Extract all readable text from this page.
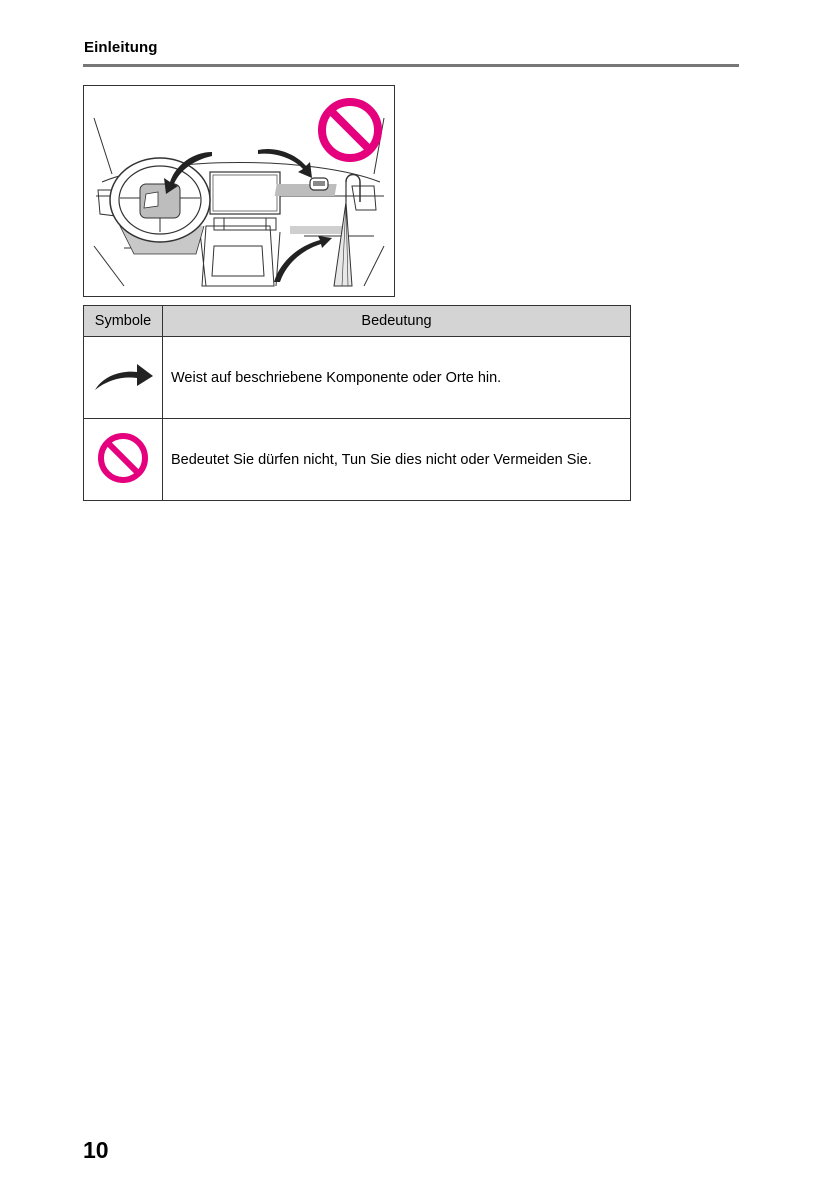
Einleitung
Symbole	Bedeutung
	Weist auf beschriebene Komponente oder Orte hin.
	Bedeutet Sie dürfen nicht, Tun Sie dies nicht oder Vermeiden Sie.
10
